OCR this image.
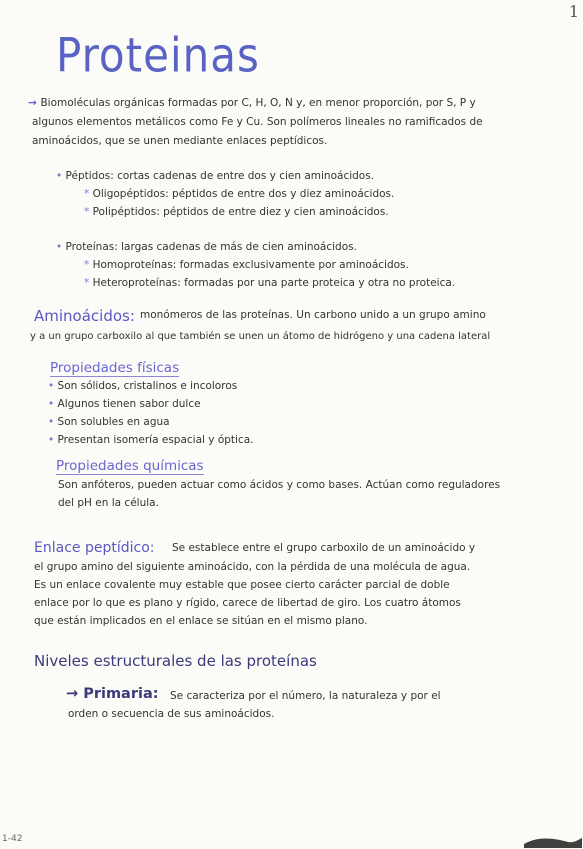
1
Proteinas
→ Biomoléculas orgánicas formadas por C, H, O, N y, en menor proporción, por S, P y
algunos elementos metálicos como Fe y Cu. Son polímeros lineales no ramificados de
aminoácidos, que se unen mediante enlaces peptídicos.
• Péptidos: cortas cadenas de entre dos y cien aminoácidos.
* Oligopéptidos: péptidos de entre dos y diez aminoácidos.
* Polipéptidos: péptidos de entre diez y cien aminoácidos.
• Proteínas: largas cadenas de más de cien aminoácidos.
* Homoproteínas: formadas exclusivamente por aminoácidos.
* Heteroproteínas: formadas por una parte proteica y otra no proteica.
Aminoácidos: monómeros de las proteínas. Un carbono unido a un grupo amino
y a un grupo carboxilo al que también se unen un átomo de hidrógeno y una cadena lateral
Propiedades físicas
• Son sólidos, cristalinos e incoloros
• Algunos tienen sabor dulce
• Son solubles en agua
• Presentan isomería espacial y óptica.
Propiedades químicas
Son anfóteros, pueden actuar como ácidos y como bases. Actúan como reguladores
del pH en la célula.
Enlace peptídico: Se establece entre el grupo carboxilo de un aminoácido y
el grupo amino del siguiente aminoácido, con la pérdida de una molécula de agua.
Es un enlace covalente muy estable que posee cierto carácter parcial de doble
enlace por lo que es plano y rígido, carece de libertad de giro. Los cuatro átomos
que están implicados en el enlace se sitúan en el mismo plano.
Niveles estructurales de las proteínas
→ Primaria: Se caracteriza por el número, la naturaleza y por el
orden o secuencia de sus aminoácidos.
1-42
